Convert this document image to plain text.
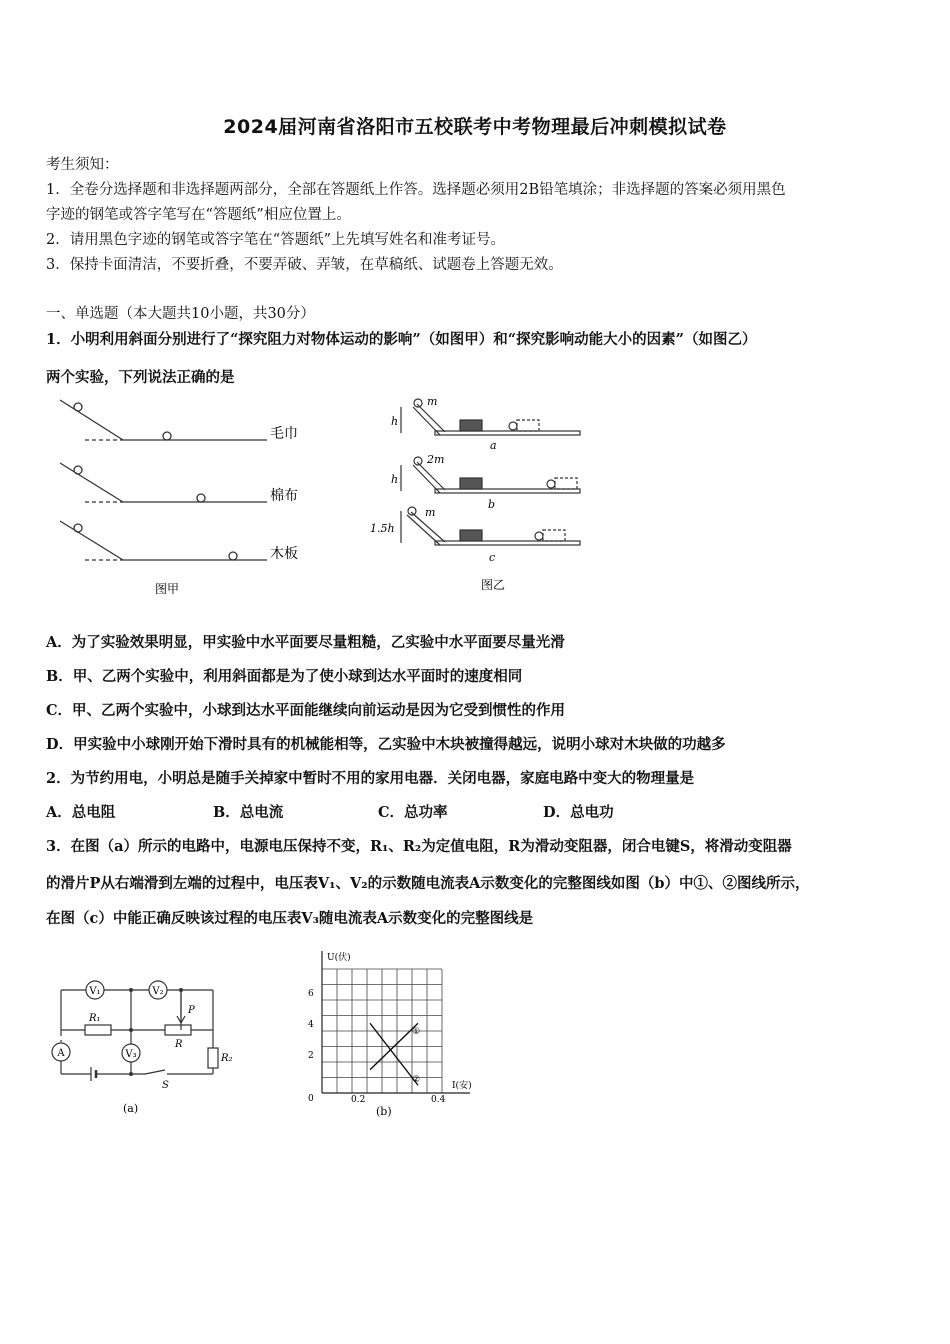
2024届河南省洛阳市五校联考中考物理最后冲刺模拟试卷
考生须知：
1．全卷分选择题和非选择题两部分，全部在答题纸上作答。选择题必须用2B铅笔填涂；非选择题的答案必须用黑色
字迹的钢笔或答字笔写在“答题纸”相应位置上。
2．请用黑色字迹的钢笔或答字笔在“答题纸”上先填写姓名和准考证号。
3．保持卡面清洁，不要折叠，不要弄破、弄皱，在草稿纸、试题卷上答题无效。
一、单选题（本大题共10小题，共30分）
1．小明利用斜面分别进行了“探究阻力对物体运动的影响”（如图甲）和“探究影响动能大小的因素”（如图乙）
两个实验，下列说法正确的是
毛巾
棉布
木板
图甲
h
m
a
h
2m
b
1.5h
m
c
图乙
A．为了实验效果明显，甲实验中水平面要尽量粗糙，乙实验中水平面要尽量光滑
B．甲、乙两个实验中，利用斜面都是为了使小球到达水平面时的速度相同
C．甲、乙两个实验中，小球到达水平面能继续向前运动是因为它受到惯性的作用
D．甲实验中小球刚开始下滑时具有的机械能相等，乙实验中木块被撞得越远，说明小球对木块做的功越多
2．为节约用电，小明总是随手关掉家中暂时不用的家用电器．关闭电器，家庭电路中变大的物理量是
A．总电阻	B．总电流	C．总功率	D．总电功
3．在图（a）所示的电路中，电源电压保持不变，R₁、R₂为定值电阻，R为滑动变阻器，闭合电键S，将滑动变阻器
的滑片P从右端滑到左端的过程中，电压表V₁、V₂的示数随电流表A示数变化的完整图线如图（b）中①、②图线所示，
在图（c）中能正确反映该过程的电压表V₃随电流表A示数变化的完整图线是
V₁	V₂
V₃
A
R₁
R
R₂
P
S
(a)
U(伏)
I(安)
6
4
2
0	0.2	0.4
①
②
(b)
